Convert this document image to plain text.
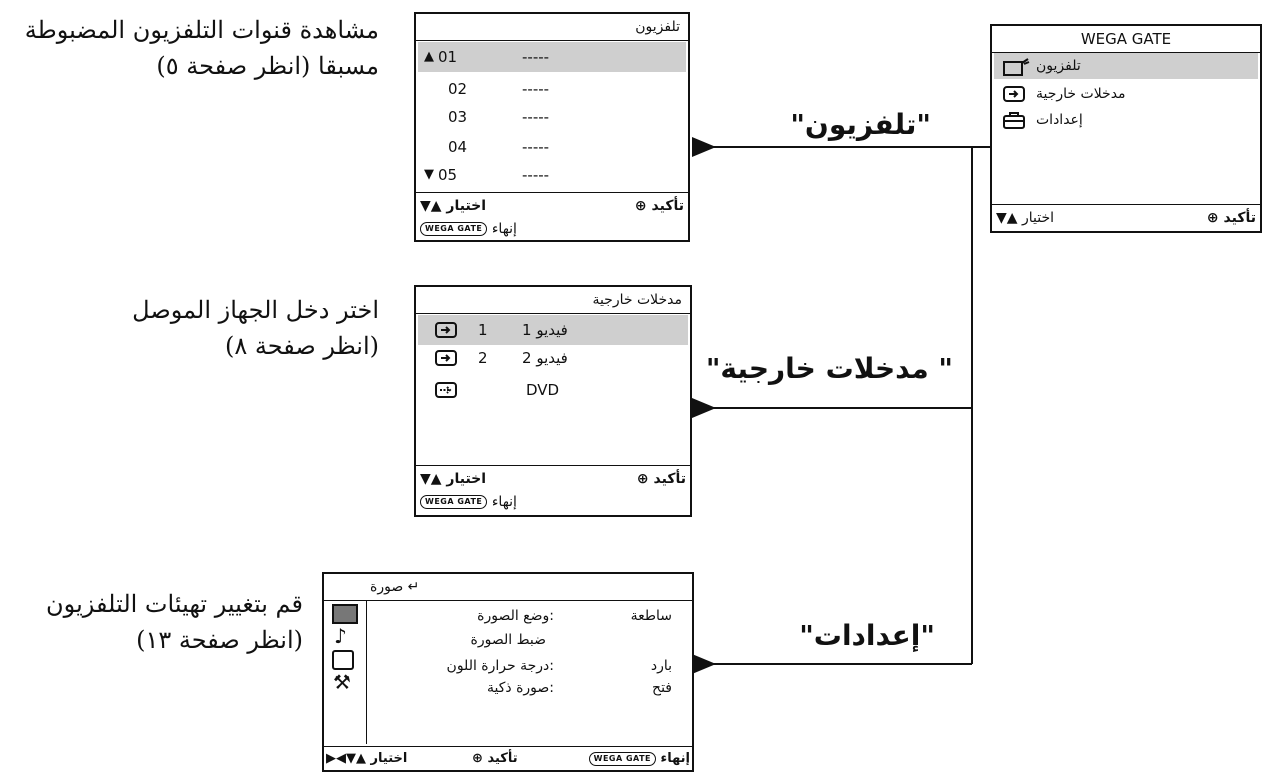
"تلفزيون"
" مدخلات خارجية"
"إعدادات"
مشاهدة قنوات التلفزيون المضبوطة
مسبقا (انظر صفحة ٥)
اختر دخل الجهاز الموصل
(انظر صفحة ٨)
قم بتغيير تهيئات التلفزيون
(انظر صفحة ١٣)
WEGA GATE
تلفزيون
مدخلات خارجية
إعدادات
اختيار ▲▼	تأكيد ⊕
تلفزيون
▲ 01	-----
02	-----
03	-----
04	-----
▼ 05	-----
اختيار ▲▼	تأكيد ⊕
إنهاء WEGA GATE
مدخلات خارجية
1 فيديو 1
2 فيديو 2
DVD
اختيار ▲▼	تأكيد ⊕
إنهاء WEGA GATE
صورة ↵
♪
⚒
:وضع الصورة	ساطعة
ضبط الصورة
:درجة حرارة اللون	بارد
:صورة ذكية	فتح
اختيار ▲▼◀▶	تأكيد ⊕	إنهاء WEGA GATE
